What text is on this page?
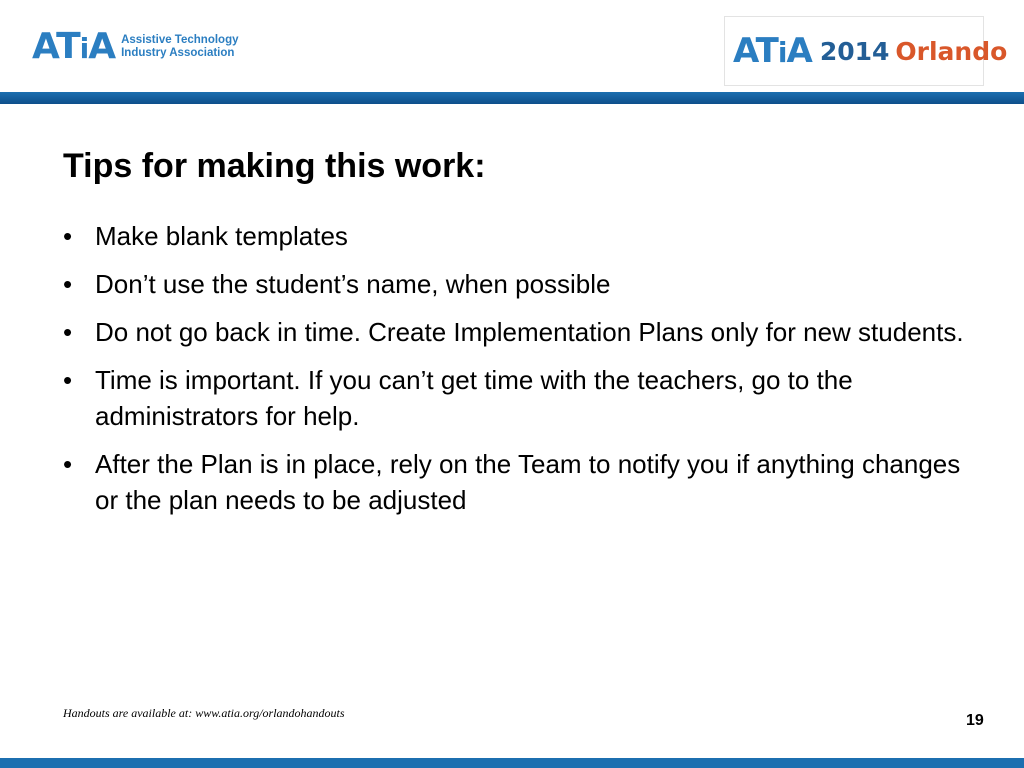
ATiA Assistive Technology
Industry Association	ATiA 2014 Orlando
Tips for making this work:
• Make blank templates
• Don’t use the student’s name, when possible
• Do not go back in time. Create Implementation Plans only for new students.
• Time is important. If you can’t get time with the teachers, go to the administrators for help.
• After the Plan is in place, rely on the Team to notify you if anything changes or the plan needs to be adjusted
Handouts are available at: www.atia.org/orlandohandouts	19
